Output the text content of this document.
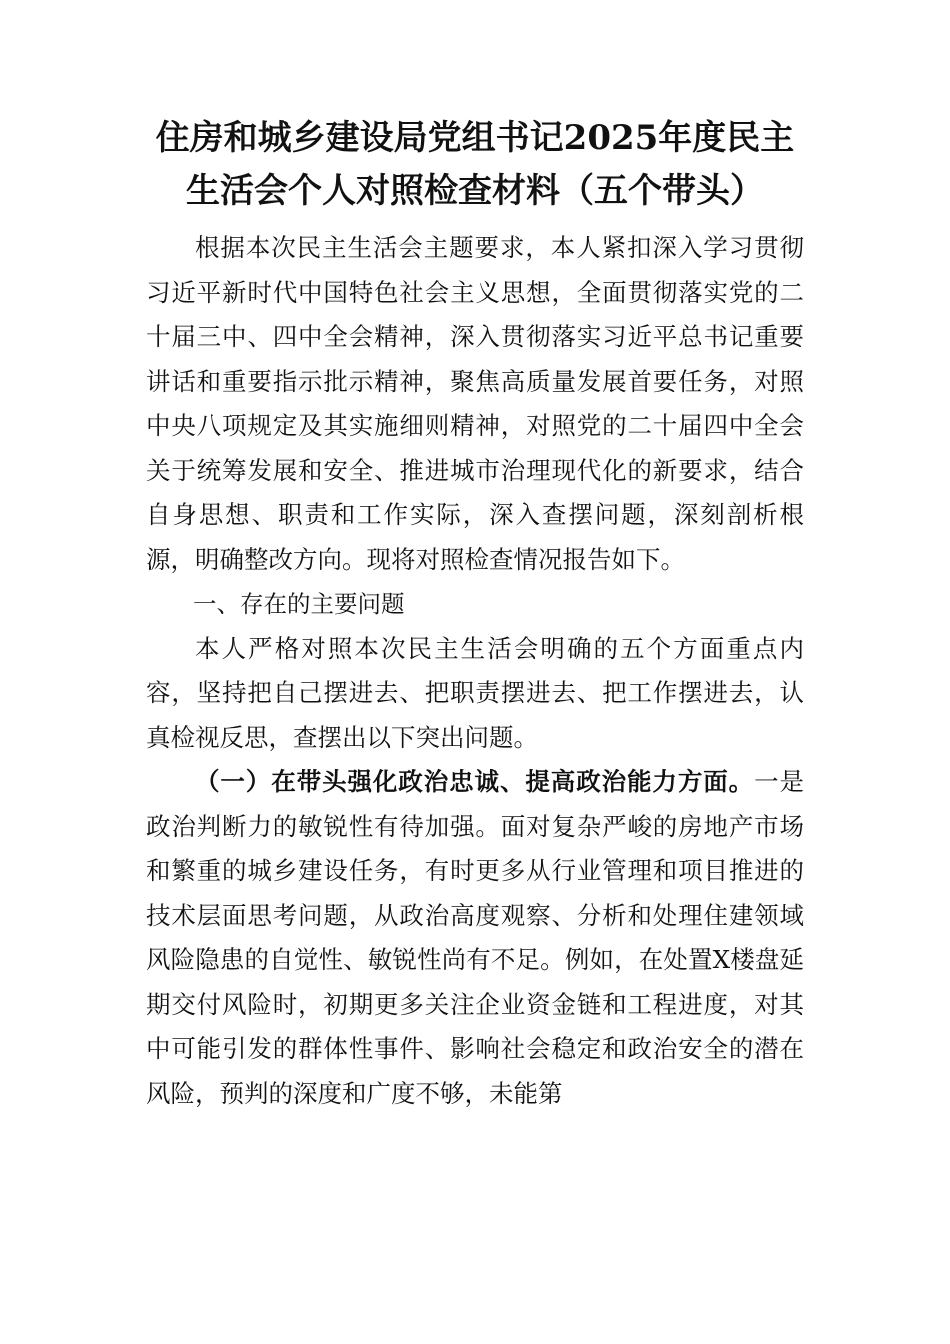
住房和城乡建设局党组书记2025年度民主
生活会个人对照检查材料（五个带头）

根据本次民主生活会主题要求，本人紧扣深入学习贯彻习近平新时代中国特色社会主义思想，全面贯彻落实党的二十届三中、四中全会精神，深入贯彻落实习近平总书记重要讲话和重要指示批示精神，聚焦高质量发展首要任务，对照中央八项规定及其实施细则精神，对照党的二十届四中全会关于统筹发展和安全、推进城市治理现代化的新要求，结合自身思想、职责和工作实际，深入查摆问题，深刻剖析根源，明确整改方向。现将对照检查情况报告如下。

一、存在的主要问题

本人严格对照本次民主生活会明确的五个方面重点内容，坚持把自己摆进去、把职责摆进去、把工作摆进去，认真检视反思，查摆出以下突出问题。

（一）在带头强化政治忠诚、提高政治能力方面。一是政治判断力的敏锐性有待加强。面对复杂严峻的房地产市场和繁重的城乡建设任务，有时更多从行业管理和项目推进的技术层面思考问题，从政治高度观察、分析和处理住建领域风险隐患的自觉性、敏锐性尚有不足。例如，在处置X楼盘延期交付风险时，初期更多关注企业资金链和工程进度，对其中可能引发的群体性事件、影响社会稳定和政治安全的潜在风险，预判的深度和广度不够，未能第
